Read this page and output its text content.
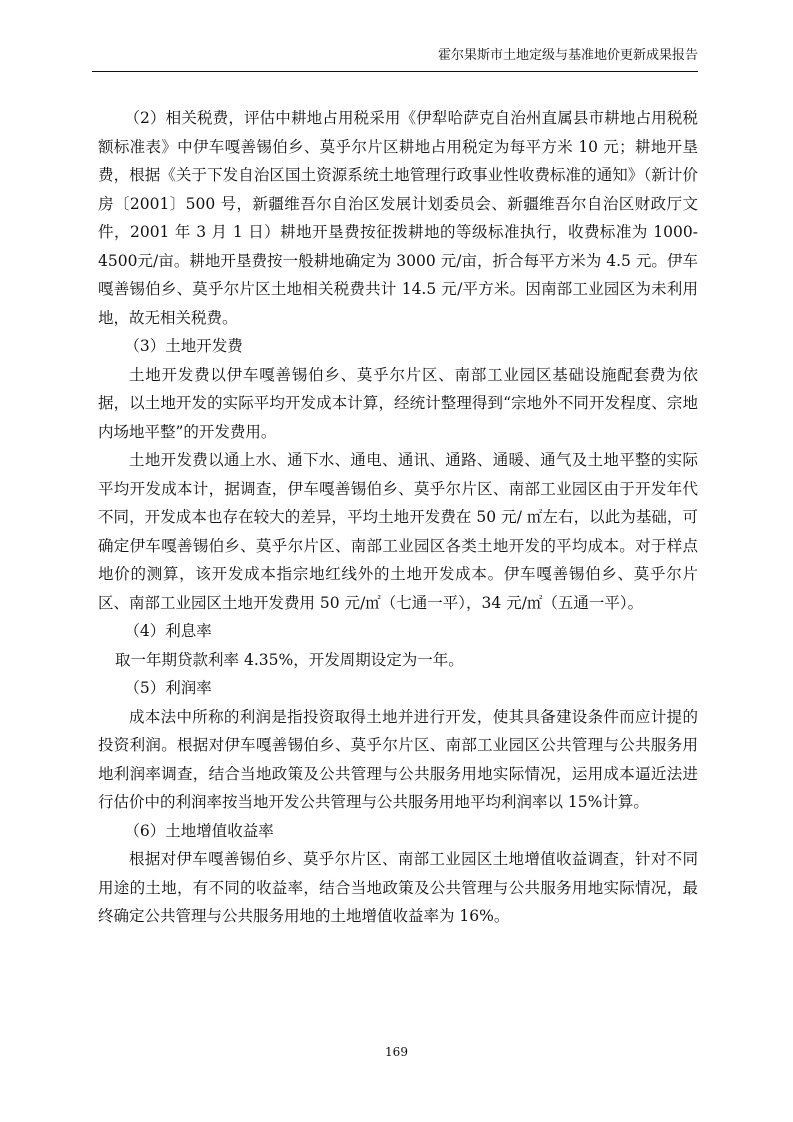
霍尔果斯市土地定级与基准地价更新成果报告

（2）相关税费，评估中耕地占用税采用《伊犁哈萨克自治州直属县市耕地占用税税额标准表》中伊车嘎善锡伯乡、莫乎尔片区耕地占用税定为每平方米 10 元；耕地开垦费，根据《关于下发自治区国土资源系统土地管理行政事业性收费标准的通知》（新计价房〔2001〕500 号，新疆维吾尔自治区发展计划委员会、新疆维吾尔自治区财政厅文件，2001 年 3 月 1 日）耕地开垦费按征拨耕地的等级标准执行，收费标准为 1000-4500元/亩。耕地开垦费按一般耕地确定为 3000 元/亩，折合每平方米为 4.5 元。伊车嘎善锡伯乡、莫乎尔片区土地相关税费共计 14.5 元/平方米。因南部工业园区为未利用地，故无相关税费。

（3）土地开发费

土地开发费以伊车嘎善锡伯乡、莫乎尔片区、南部工业园区基础设施配套费为依据，以土地开发的实际平均开发成本计算，经统计整理得到“宗地外不同开发程度、宗地内场地平整”的开发费用。

土地开发费以通上水、通下水、通电、通讯、通路、通暖、通气及土地平整的实际平均开发成本计，据调查，伊车嘎善锡伯乡、莫乎尔片区、南部工业园区由于开发年代不同，开发成本也存在较大的差异，平均土地开发费在 50 元/ ㎡左右，以此为基础，可确定伊车嘎善锡伯乡、莫乎尔片区、南部工业园区各类土地开发的平均成本。对于样点地价的测算，该开发成本指宗地红线外的土地开发成本。伊车嘎善锡伯乡、莫乎尔片区、南部工业园区土地开发费用 50 元/㎡（七通一平），34 元/㎡（五通一平）。

（4）利息率

取一年期贷款利率 4.35%，开发周期设定为一年。

（5）利润率

成本法中所称的利润是指投资取得土地并进行开发，使其具备建设条件而应计提的投资利润。根据对伊车嘎善锡伯乡、莫乎尔片区、南部工业园区公共管理与公共服务用地利润率调查，结合当地政策及公共管理与公共服务用地实际情况，运用成本逼近法进行估价中的利润率按当地开发公共管理与公共服务用地平均利润率以 15%计算。

（6）土地增值收益率

根据对伊车嘎善锡伯乡、莫乎尔片区、南部工业园区土地增值收益调查，针对不同用途的土地，有不同的收益率，结合当地政策及公共管理与公共服务用地实际情况，最终确定公共管理与公共服务用地的土地增值收益率为 16%。

169
